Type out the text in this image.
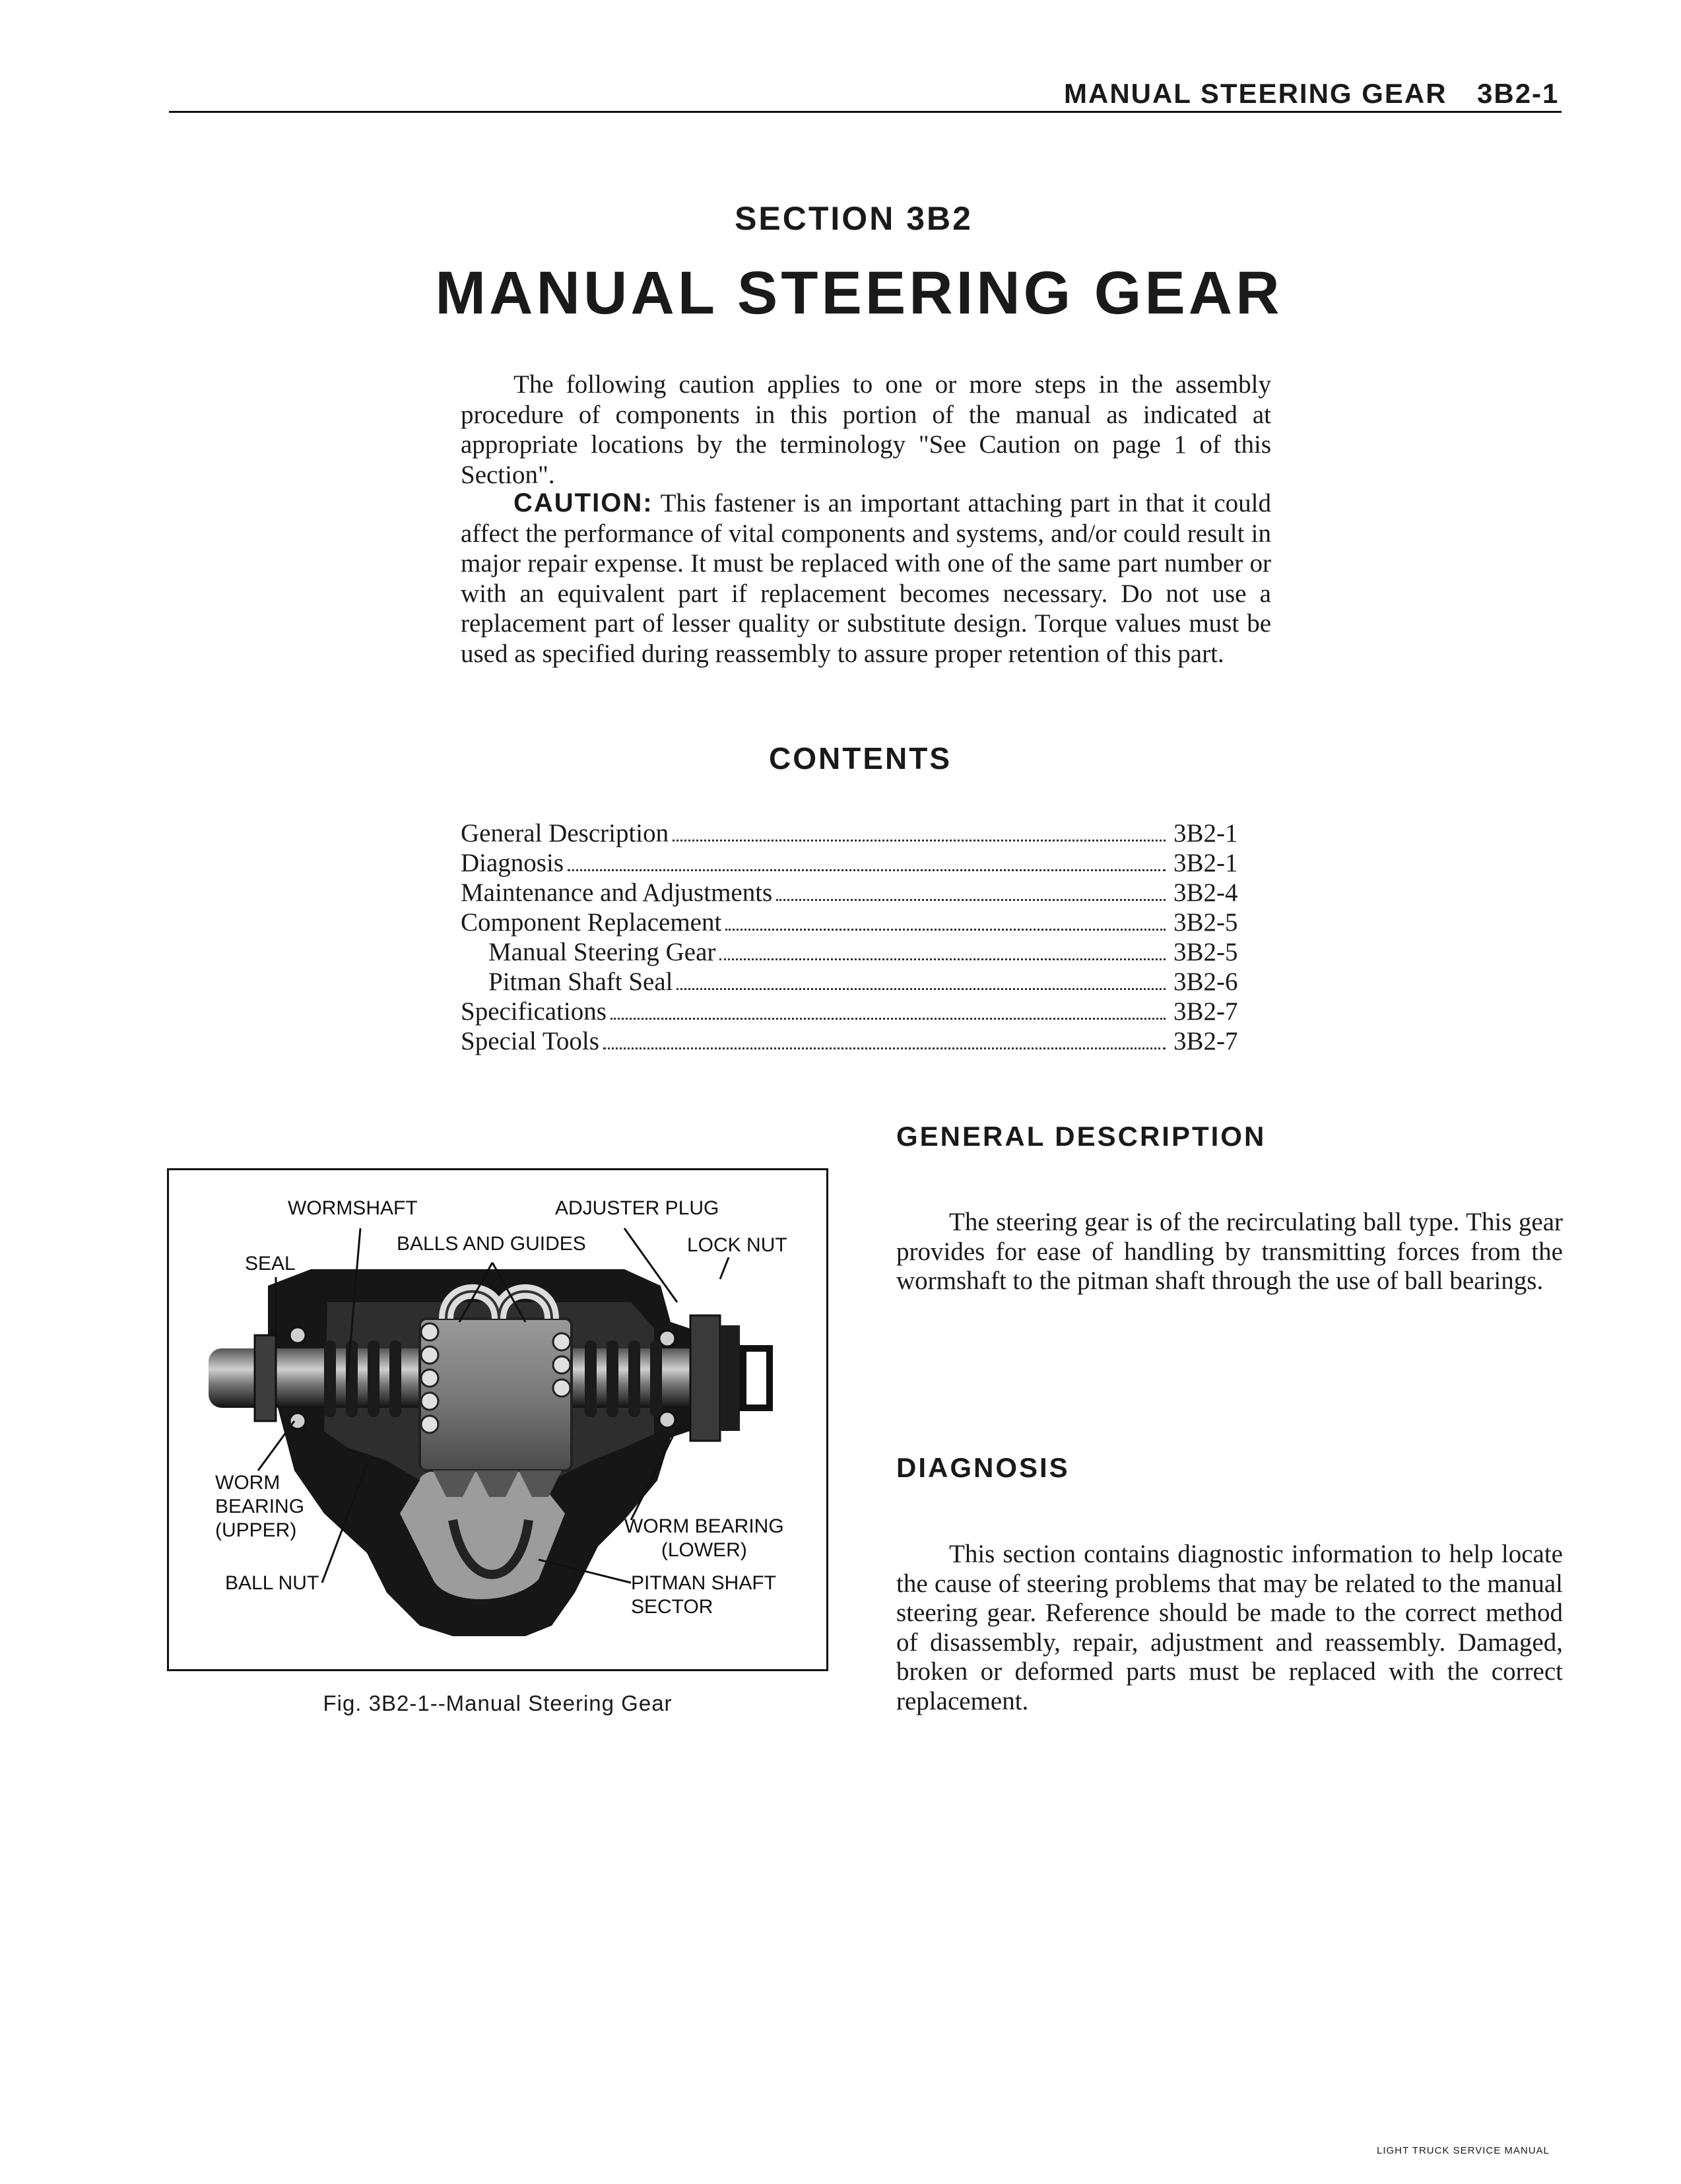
MANUAL STEERING GEAR 3B2-1
SECTION 3B2
MANUAL STEERING GEAR

The following caution applies to one or more steps in the assembly procedure of components in this portion of the manual as indicated at appropriate locations by the terminology "See Caution on page 1 of this Section".

CAUTION: This fastener is an important attaching part in that it could affect the performance of vital components and systems, and/or could result in major repair expense. It must be replaced with one of the same part number or with an equivalent part if replacement becomes necessary. Do not use a replacement part of lesser quality or substitute design. Torque values must be used as specified during reassembly to assure proper retention of this part.

CONTENTS
General Description	3B2-1
Diagnosis	3B2-1
Maintenance and Adjustments	3B2-4
Component Replacement	3B2-5
Manual Steering Gear	3B2-5
Pitman Shaft Seal	3B2-6
Specifications	3B2-7
Special Tools	3B2-7
GENERAL DESCRIPTION

The steering gear is of the recirculating ball type. This gear provides for ease of handling by transmitting forces from the wormshaft to the pitman shaft through the use of ball bearings.

DIAGNOSIS

This section contains diagnostic information to help locate the cause of steering problems that may be related to the manual steering gear. Reference should be made to the correct method of disassembly, repair, adjustment and reassembly. Damaged, broken or deformed parts must be replaced with the correct replacement.

WORMSHAFT	ADJUSTER PLUG
BALLS AND GUIDES	LOCK NUT
SEAL
WORM
BEARING
(UPPER)
BALL NUT
WORM BEARING
(LOWER)
PITMAN SHAFT
SECTOR
Fig. 3B2-1--Manual Steering Gear
LIGHT TRUCK SERVICE MANUAL
